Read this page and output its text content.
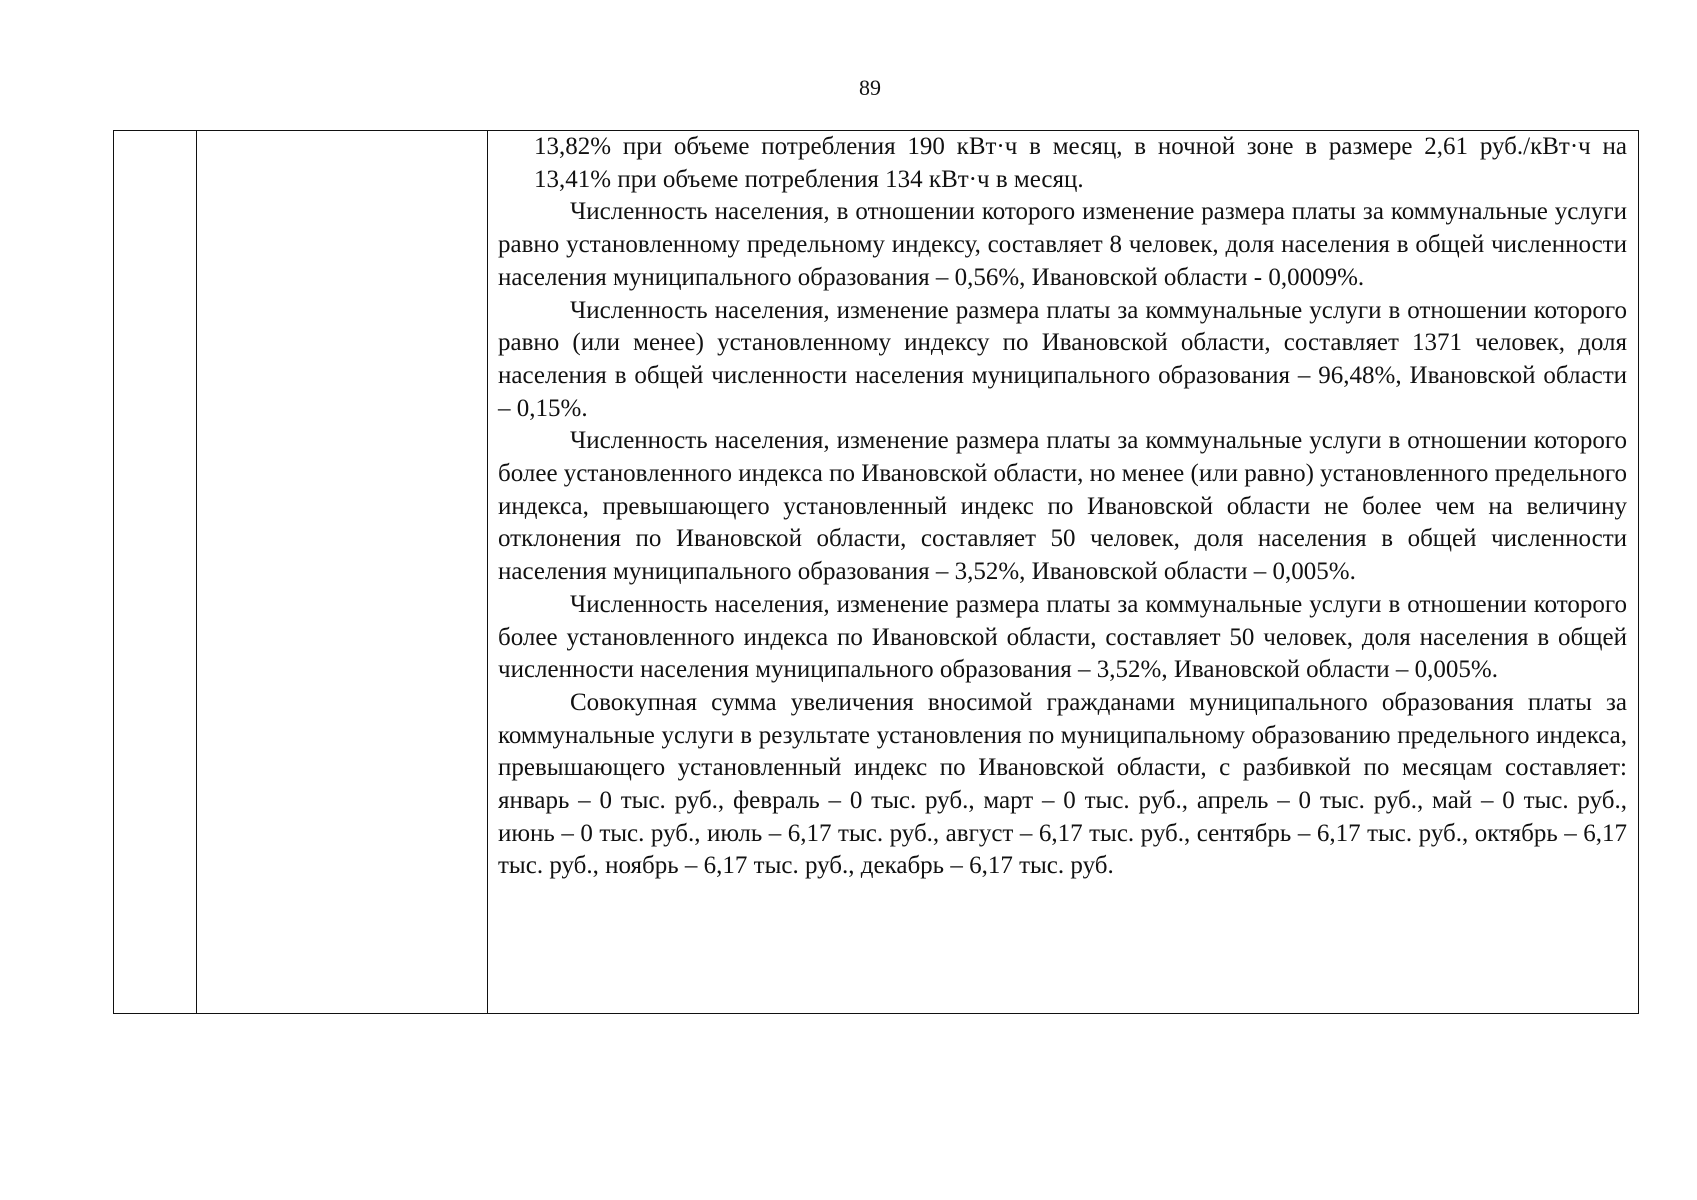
89

13,82% при объеме потребления 190 кВт·ч в месяц, в ночной зоне в размере 2,61 руб./кВт·ч на 13,41% при объеме потребления 134 кВт·ч в месяц.

Численность населения, в отношении которого изменение размера платы за коммунальные услуги равно установленному предельному индексу, составляет 8 человек, доля населения в общей численности населения муниципального образования – 0,56%, Ивановской области - 0,0009%.

Численность населения, изменение размера платы за коммунальные услуги в отношении которого равно (или менее) установленному индексу по Ивановской области, составляет 1371 человек, доля населения в общей численности населения муниципального образования – 96,48%, Ивановской области – 0,15%.

Численность населения, изменение размера платы за коммунальные услуги в отношении которого более установленного индекса по Ивановской области, но менее (или равно) установленного предельного индекса, превышающего установленный индекс по Ивановской области не более чем на величину отклонения по Ивановской области, составляет 50 человек, доля населения в общей численности населения муниципального образования – 3,52%, Ивановской области – 0,005%.

Численность населения, изменение размера платы за коммунальные услуги в отношении которого более установленного индекса по Ивановской области, составляет 50 человек, доля населения в общей численности населения муниципального образования – 3,52%, Ивановской области – 0,005%.

Совокупная сумма увеличения вносимой гражданами муниципального образования платы за коммунальные услуги в результате установления по муниципальному образованию предельного индекса, превышающего установленный индекс по Ивановской области, с разбивкой по месяцам составляет: январь – 0 тыс. руб., февраль – 0 тыс. руб., март – 0 тыс. руб., апрель – 0 тыс. руб., май – 0 тыс. руб., июнь – 0 тыс. руб., июль – 6,17 тыс. руб., август – 6,17 тыс. руб., сентябрь – 6,17 тыс. руб., октябрь – 6,17 тыс. руб., ноябрь – 6,17 тыс. руб., декабрь – 6,17 тыс. руб.
